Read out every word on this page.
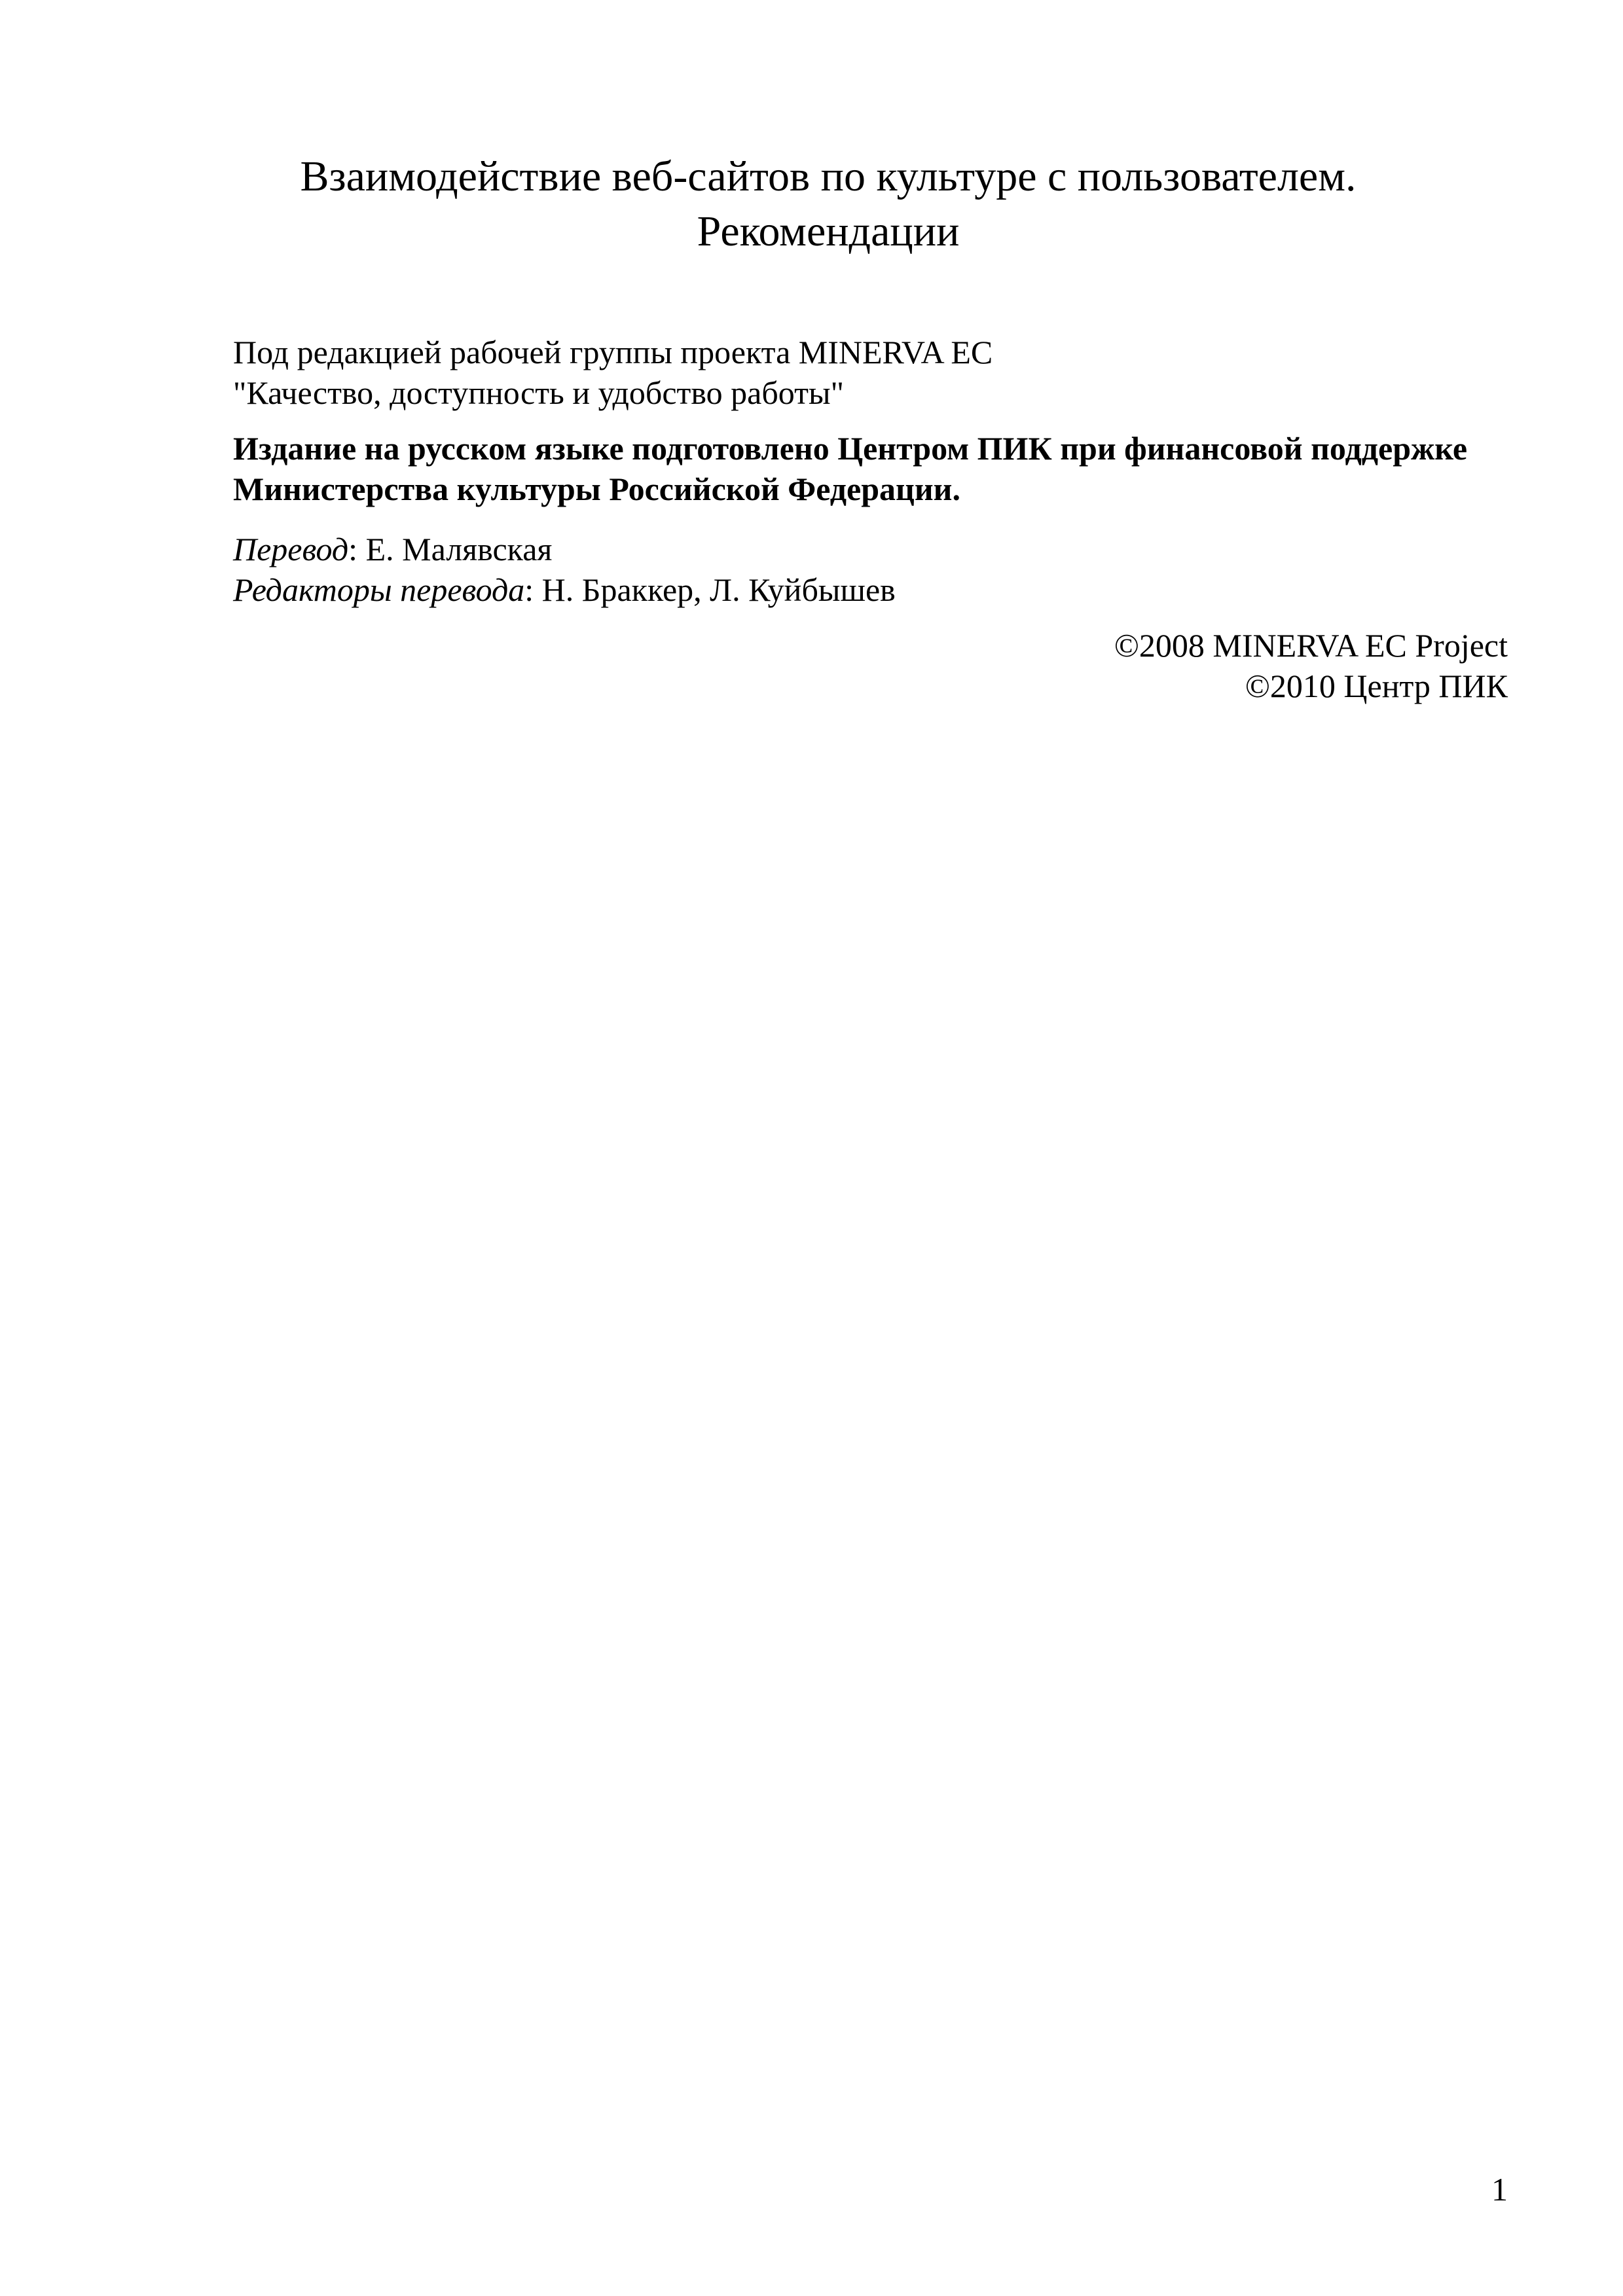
Взаимодействие веб-сайтов по культуре с пользователем.
Рекомендации
Под редакцией рабочей группы проекта MINERVA EC
"Качество, доступность и удобство работы"
Издание на русском языке подготовлено Центром ПИК при финансовой поддержке
Министерства культуры Российской Федерации.
Перевод: Е. Малявская
Редакторы перевода: Н. Браккер, Л. Куйбышев
©2008 MINERVA EC Project
©2010 Центр ПИК
1
